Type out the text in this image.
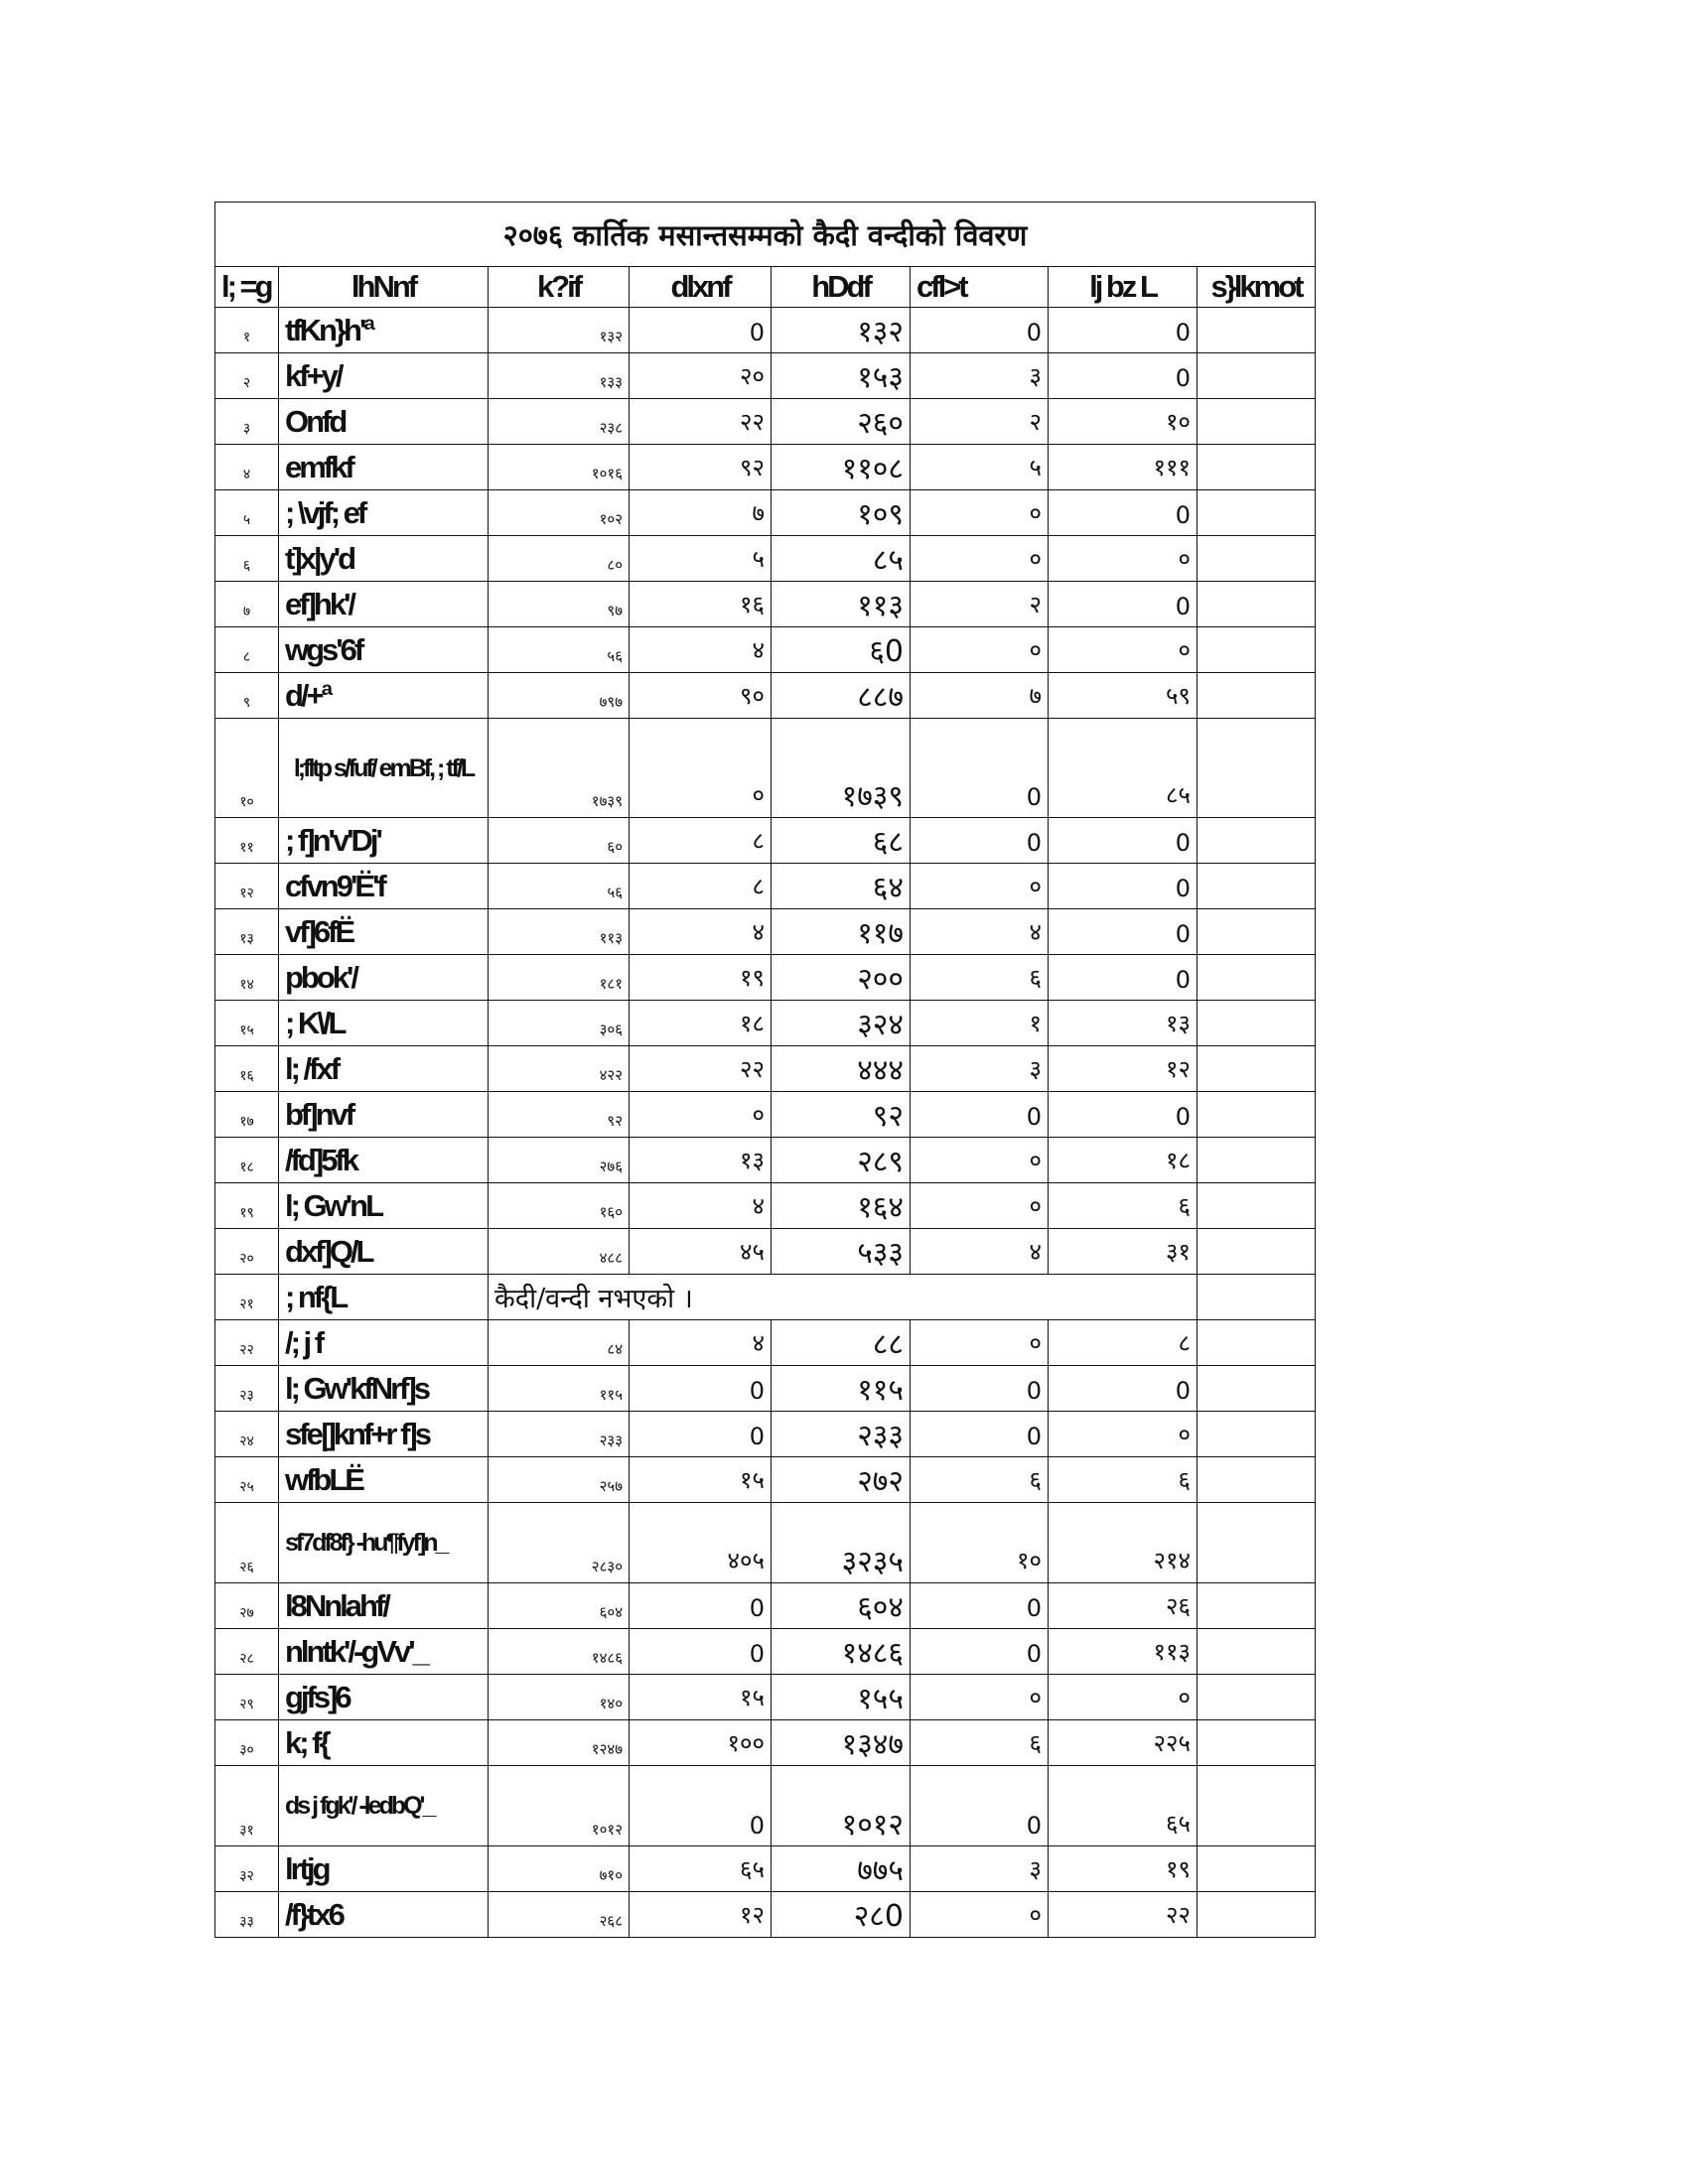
२०७६ कार्तिक मसान्तसम्मको कैदी वन्दीको विवरण							
l; =g	lhNnf	k?if	dlxnf	hDdf	cfl>t	lj bz L	s}lkmot
१	tfKn}h'ª	१३२	0	१३२	0	0	
२	kf+y/	१३३	२०	१५३	३	0	
३	Onfd	२३८	२२	२६०	२	१०	
४	emfkf	१०१६	९२	११०८	५	१११	
५	; \vjf; ef	१०२	७	१०९	०	0	
६	t]x|y'd	८०	५	८५	०	०	
७	ef]hk'/	९७	१६	११३	२	0	
८	wgs'6f	५६	४	६0	०	०	
९	d/+ª	७९७	९०	८८७	७	५९	
१०	l;fltp s/fuf/ emBf, ; tf/L	१७३९	०	१७३९	0	८५	
११	; f]n'v'Dj'	६०	८	६८	0	0	
१२	cfvn9'Ë'f	५६	८	६४	०	0	
१३	vf]6fË	११३	४	११७	४	0	
१४	pbok'/	१८१	१९	२००	६	0	
१५	; K\/L	३०६	१८	३२४	१	१३	
१६	l; /fxf	४२२	२२	४४४	३	१२	
१७	bf]nvf	९२	०	९२	0	0	
१८	/fd]5fk	२७६	१३	२८९	०	१८	
१९	l; Gw'nL	१६०	४	१६४	०	६	
२०	dxf]Q/L	४८८	४५	५३३	४	३१	
२१	; nf{L	कैदी/वन्दी नभएको ।					
२२	/; j f	८४	४	८८	०	८	
२३	l; Gw'kfNrf]s	११५	0	११५	0	0	
२४	sfe|]knf+r f]s	२३३	0	२३३	0	०	
२५	wfbLË	२५७	१५	२७२	६	६	
२६	sf7df8f} -hu¶fyf]n_	२८३०	४०५	३२३५	१०	२१४	
२७	l8Nnlahf/	६०४	0	६०४	0	२६	
२८	nlntk'/-gVv'_	१४८६	0	१४८६	0	११३	
२९	gjfs]6	१४०	१५	१५५	०	०	
३०	k; f{	१२४७	१००	१३४७	६	२२५	
३१	ds j fgk'/ -ledbQ'_	१०१२	0	१०१२	0	६५	
३२	lrtjg	७१०	६५	७७५	३	१९	
३३	/f}tx6	२६८	१२	२८0	०	२२	
